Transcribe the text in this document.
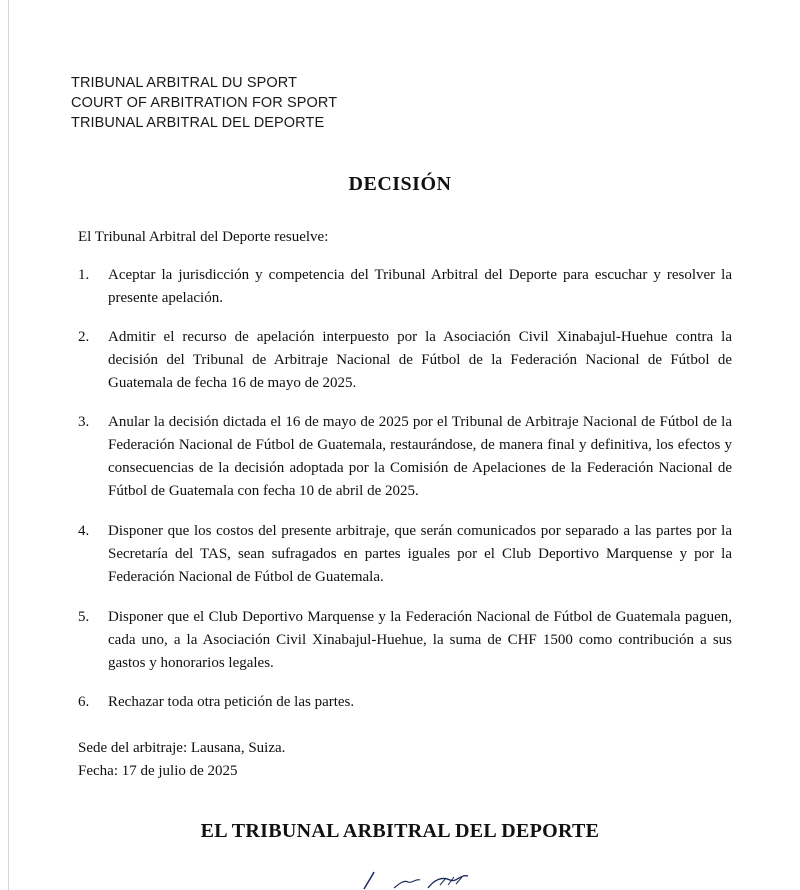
TRIBUNAL ARBITRAL DU SPORT
COURT OF ARBITRATION FOR SPORT
TRIBUNAL ARBITRAL DEL DEPORTE
DECISIÓN
El Tribunal Arbitral del Deporte resuelve:
1.	Aceptar la jurisdicción y competencia del Tribunal Arbitral del Deporte para escuchar y resolver la presente apelación.
2.	Admitir el recurso de apelación interpuesto por la Asociación Civil Xinabajul-Huehue contra la decisión del Tribunal de Arbitraje Nacional de Fútbol de la Federación Nacional de Fútbol de Guatemala de fecha 16 de mayo de 2025.
3.	Anular la decisión dictada el 16 de mayo de 2025 por el Tribunal de Arbitraje Nacional de Fútbol de la Federación Nacional de Fútbol de Guatemala, restaurándose, de manera final y definitiva, los efectos y consecuencias de la decisión adoptada por la Comisión de Apelaciones de la Federación Nacional de Fútbol de Guatemala con fecha 10 de abril de 2025.
4.	Disponer que los costos del presente arbitraje, que serán comunicados por separado a las partes por la Secretaría del TAS, sean sufragados en partes iguales por el Club Deportivo Marquense y por la Federación Nacional de Fútbol de Guatemala.
5.	Disponer que el Club Deportivo Marquense y la Federación Nacional de Fútbol de Guatemala paguen, cada uno, a la Asociación Civil Xinabajul-Huehue, la suma de CHF 1500 como contribución a sus gastos y honorarios legales.
6.	Rechazar toda otra petición de las partes.
Sede del arbitraje: Lausana, Suiza.
Fecha: 17 de julio de 2025
EL TRIBUNAL ARBITRAL DEL DEPORTE
